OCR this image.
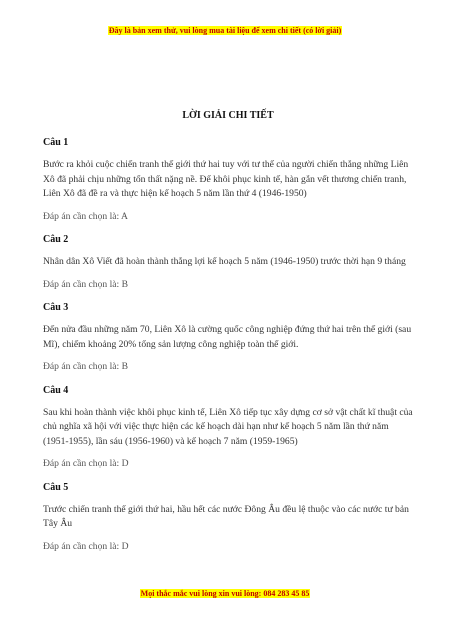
Đây là bản xem thử, vui lòng mua tài liệu để xem chi tiết (có lời giải)

LỜI GIẢI CHI TIẾT

Câu 1

Bước ra khỏi cuộc chiến tranh thế giới thứ hai tuy với tư thế của người chiến thắng những Liên Xô đã phải chịu những tổn thất nặng nề. Để khôi phục kinh tế, hàn gắn vết thương chiến tranh, Liên Xô đã đề ra và thực hiện kế hoạch 5 năm lần thứ 4 (1946-1950)

Đáp án cần chọn là: A

Câu 2

Nhân dân Xô Viết đã hoàn thành thắng lợi kế hoạch 5 năm (1946-1950) trước thời hạn 9 tháng

Đáp án cần chọn là: B

Câu 3

Đến nửa đầu những năm 70, Liên Xô là cường quốc công nghiệp đứng thứ hai trên thế giới (sau Mĩ), chiếm khoảng 20% tổng sản lượng công nghiệp toàn thế giới.

Đáp án cần chọn là: B

Câu 4

Sau khi hoàn thành việc khôi phục kinh tế, Liên Xô tiếp tục xây dựng cơ sở vật chất kĩ thuật của chủ nghĩa xã hội với việc thực hiện các kế hoạch dài hạn như kế hoạch 5 năm lần thứ năm (1951-1955), lần sáu (1956-1960) và kế hoạch 7 năm (1959-1965)

Đáp án cần chọn là: D

Câu 5

Trước chiến tranh thế giới thứ hai, hầu hết các nước Đông Âu đều lệ thuộc vào các nước tư bản Tây Âu

Đáp án cần chọn là: D

Mọi thắc mắc vui lòng xin vui lòng: 084 283 45 85
